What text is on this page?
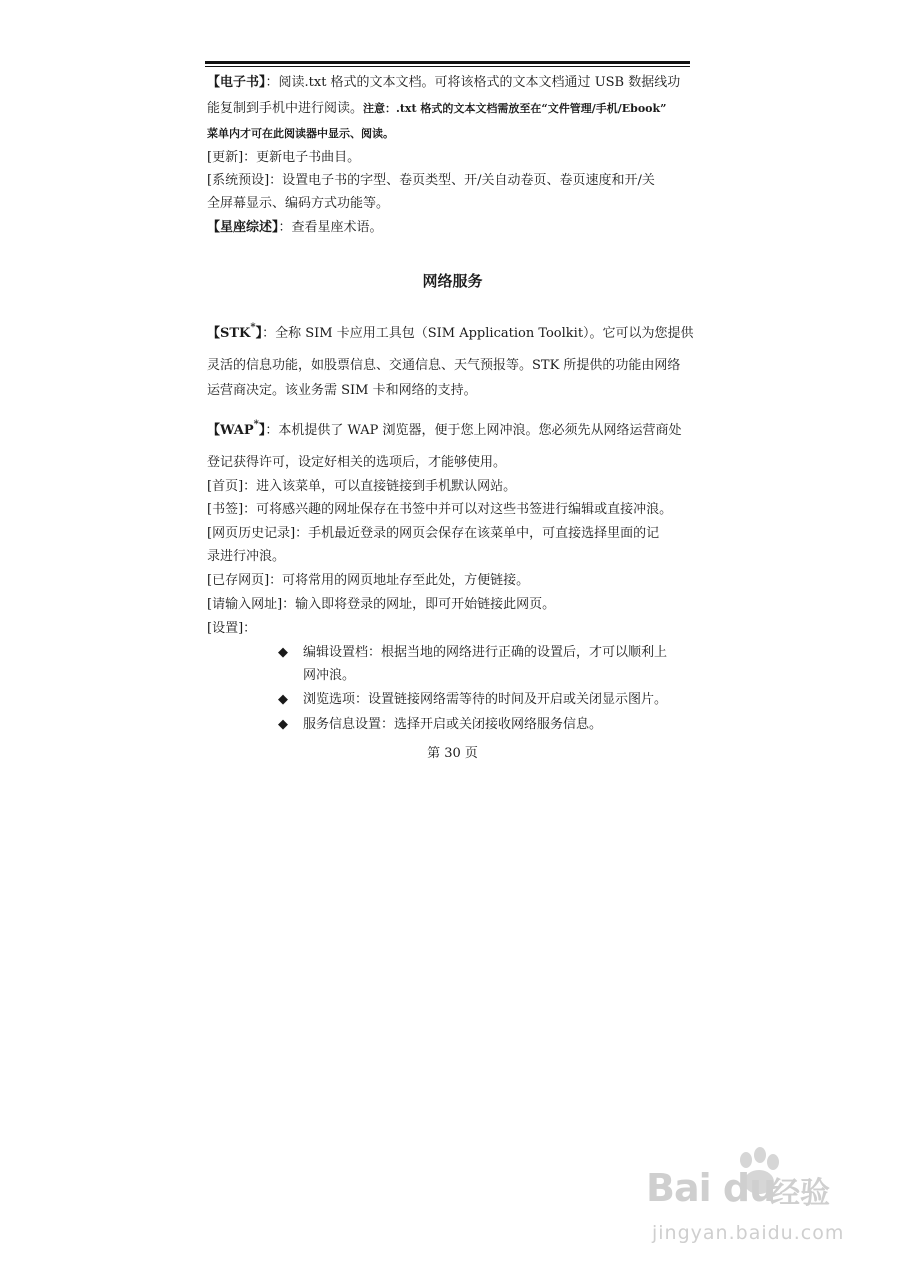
【电子书】：阅读.txt 格式的文本文档。可将该格式的文本文档通过 USB 数据线功
能复制到手机中进行阅读。注意：.txt 格式的文本文档需放至在“文件管理/手机/Ebook”
菜单内才可在此阅读器中显示、阅读。
[更新]：更新电子书曲目。
[系统预设]：设置电子书的字型、卷页类型、开/关自动卷页、卷页速度和开/关
全屏幕显示、编码方式功能等。
【星座综述】：查看星座术语。
网络服务
【STK*】：全称 SIM 卡应用工具包（SIM Application Toolkit）。它可以为您提供
灵活的信息功能，如股票信息、交通信息、天气预报等。STK 所提供的功能由网络
运营商决定。该业务需 SIM 卡和网络的支持。
【WAP*】：本机提供了 WAP 浏览器，便于您上网冲浪。您必须先从网络运营商处
登记获得许可，设定好相关的选项后，才能够使用。
[首页]：进入该菜单，可以直接链接到手机默认网站。
[书签]：可将感兴趣的网址保存在书签中并可以对这些书签进行编辑或直接冲浪。
[网页历史记录]：手机最近登录的网页会保存在该菜单中，可直接选择里面的记
录进行冲浪。
[已存网页]：可将常用的网页地址存至此处，方便链接。
[请输入网址]：输入即将登录的网址，即可开始链接此网页。
[设置]：
◆ 编辑设置档：根据当地的网络进行正确的设置后，才可以顺利上
网冲浪。
◆ 浏览选项：设置链接网络需等待的时间及开启或关闭显示图片。
◆ 服务信息设置：选择开启或关闭接收网络服务信息。
第 30 页
Bai du
经验
jingyan.baidu.com
